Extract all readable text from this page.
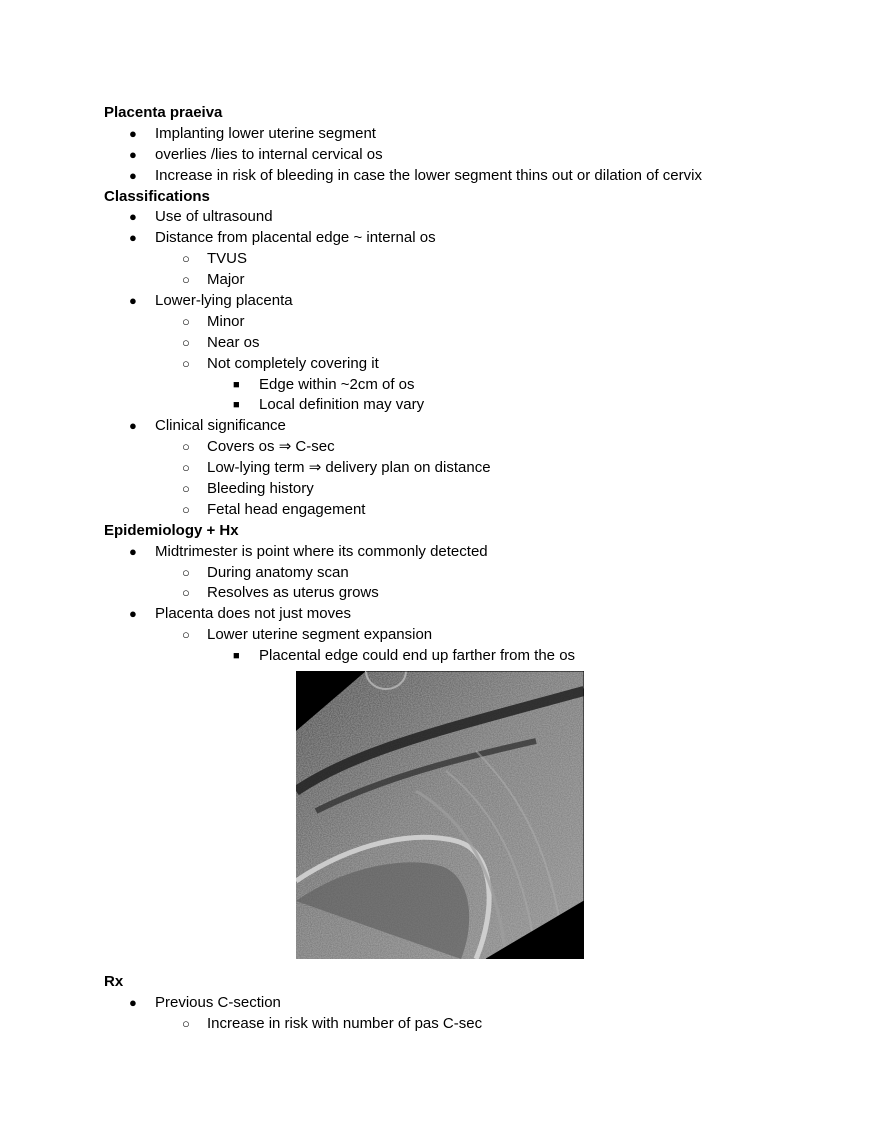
Placenta praeiva
● Implanting lower uterine segment
● overlies /lies to internal cervical os
● Increase in risk of bleeding in case the lower segment thins out or dilation of cervix
Classifications
● Use of ultrasound
● Distance from placental edge ~ internal os
○ TVUS
○ Major
● Lower-lying placenta
○ Minor
○ Near os
○ Not completely covering it
■ Edge within ~2cm of os
■ Local definition may vary
● Clinical significance
○ Covers os ⇒ C-sec
○ Low-lying term ⇒ delivery plan on distance
○ Bleeding history
○ Fetal head engagement
Epidemiology + Hx
● Midtrimester is point where its commonly detected
○ During anatomy scan
○ Resolves as uterus grows
● Placenta does not just moves
○ Lower uterine segment expansion
■ Placental edge could end up farther from the os
Rx
● Previous C-section
○ Increase in risk with number of pas C-sec
